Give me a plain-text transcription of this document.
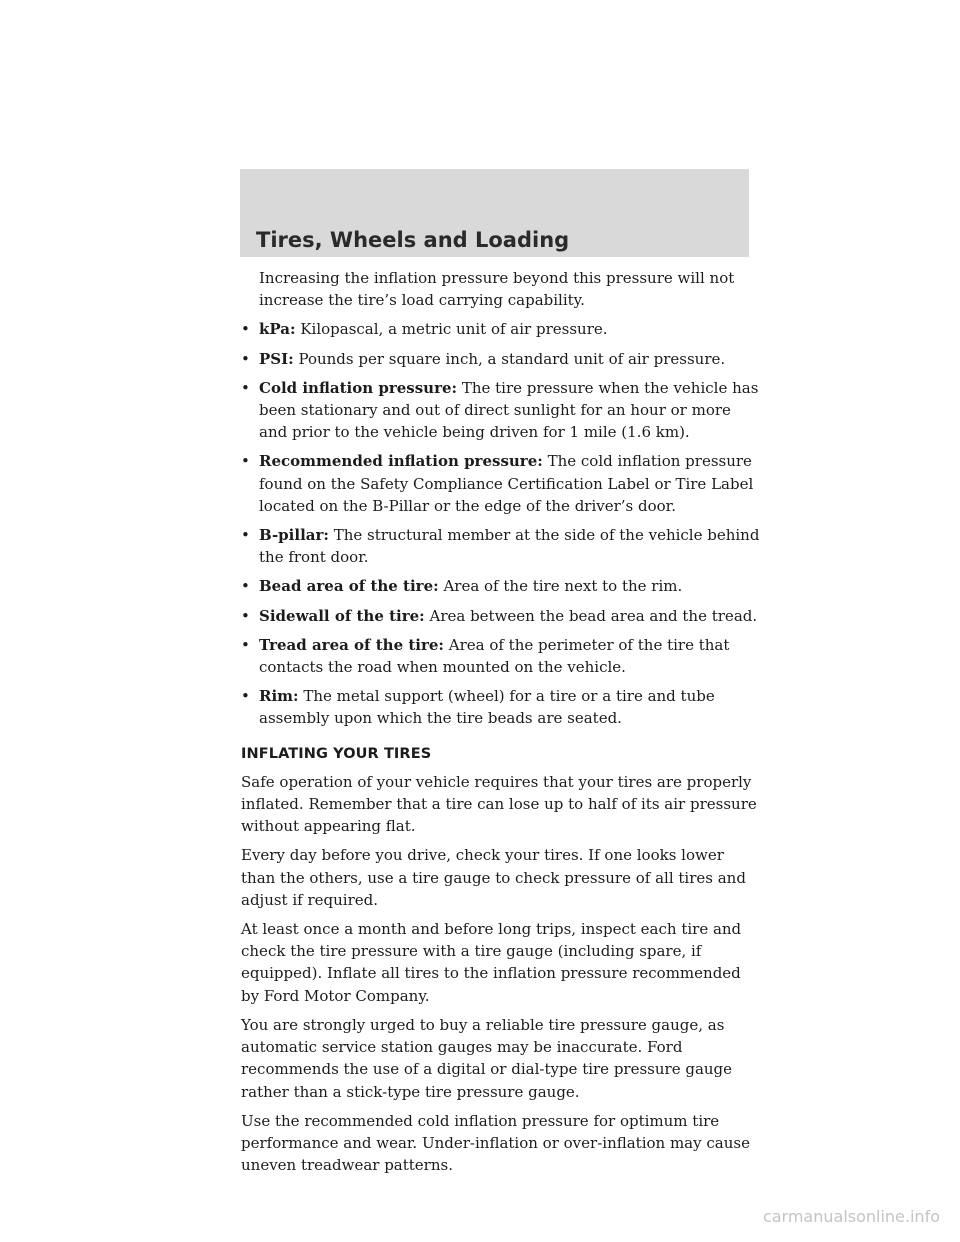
Tires, Wheels and Loading

Increasing the inflation pressure beyond this pressure will not increase the tire’s load carrying capability.

• kPa: Kilopascal, a metric unit of air pressure.
• PSI: Pounds per square inch, a standard unit of air pressure.
• Cold inflation pressure: The tire pressure when the vehicle has been stationary and out of direct sunlight for an hour or more and prior to the vehicle being driven for 1 mile (1.6 km).
• Recommended inflation pressure: The cold inflation pressure found on the Safety Compliance Certification Label or Tire Label located on the B-Pillar or the edge of the driver’s door.
• B-pillar: The structural member at the side of the vehicle behind the front door.
• Bead area of the tire: Area of the tire next to the rim.
• Sidewall of the tire: Area between the bead area and the tread.
• Tread area of the tire: Area of the perimeter of the tire that contacts the road when mounted on the vehicle.
• Rim: The metal support (wheel) for a tire or a tire and tube assembly upon which the tire beads are seated.
INFLATING YOUR TIRES

Safe operation of your vehicle requires that your tires are properly inflated. Remember that a tire can lose up to half of its air pressure without appearing flat.

Every day before you drive, check your tires. If one looks lower than the others, use a tire gauge to check pressure of all tires and adjust if required.

At least once a month and before long trips, inspect each tire and check the tire pressure with a tire gauge (including spare, if equipped). Inflate all tires to the inflation pressure recommended by Ford Motor Company.

You are strongly urged to buy a reliable tire pressure gauge, as automatic service station gauges may be inaccurate. Ford recommends the use of a digital or dial-type tire pressure gauge rather than a stick-type tire pressure gauge.

Use the recommended cold inflation pressure for optimum tire performance and wear. Under-inflation or over-inflation may cause uneven treadwear patterns.

carmanualsonline.info
